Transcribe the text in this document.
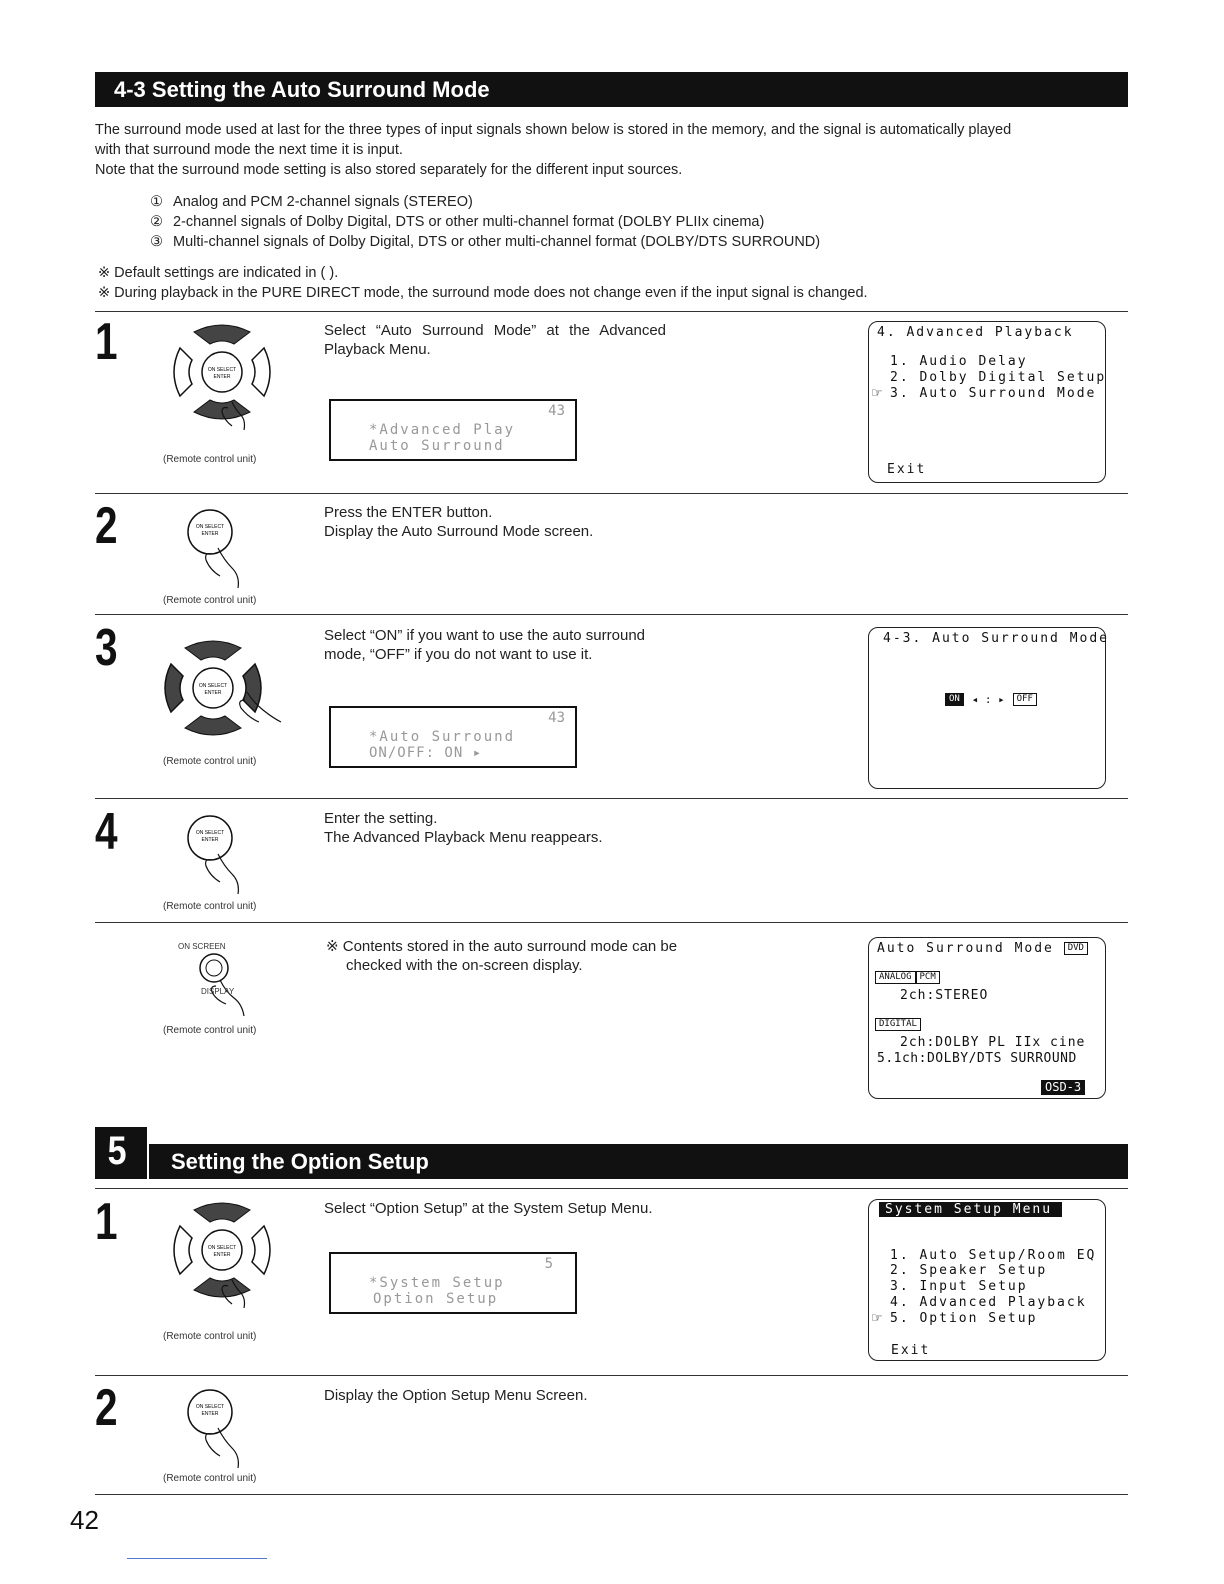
4-3 Setting the Auto Surround Mode
The surround mode used at last for the three types of input signals shown below is stored in the memory, and the signal is automatically played
with that surround mode the next time it is input.
Note that the surround mode setting is also stored separately for the different input sources.
① Analog and PCM 2-channel signals (STEREO)
② 2-channel signals of Dolby Digital, DTS or other multi-channel format (DOLBY PLIIx cinema)
③ Multi-channel signals of Dolby Digital, DTS or other multi-channel format (DOLBY/DTS SURROUND)
※ Default settings are indicated in ( ).
※ During playback in the PURE DIRECT mode, the surround mode does not change even if the input signal is changed.
1	ON SELECT
ENTER
(Remote control unit)
Select “Auto Surround Mode” at the Advanced
Playback Menu.
43
*Advanced Play
Auto Surround
4. Advanced Playback
1. Audio Delay
2. Dolby Digital Setup
☞ 3. Auto Surround Mode
Exit
2	ON SELECT
ENTER
(Remote control unit)
Press the ENTER button.
Display the Auto Surround Mode screen.
3
ON SELECT
ENTER
(Remote control unit)
Select “ON” if you want to use the auto surround
mode, “OFF” if you do not want to use it.
43
*Auto Surround
ON/OFF: ON ▸
4-3. Auto Surround Mode
ON ◂ : ▸ OFF
4	ON SELECT
ENTER
(Remote control unit)
Enter the setting.
The Advanced Playback Menu reappears.
ON SCREEN
DISPLAY
(Remote control unit)
※ Contents stored in the auto surround mode can be
checked with the on-screen display.
Auto Surround Mode DVD
ANALOG PCM
2ch:STEREO
DIGITAL
2ch:DOLBY PL IIx cine
5.1ch:DOLBY/DTS SURROUND
OSD-3
5 Setting the Option Setup
1	ON SELECT
ENTER
(Remote control unit)
Select “Option Setup” at the System Setup Menu.
5
*System Setup
Option Setup
System Setup Menu
1. Auto Setup/Room EQ
2. Speaker Setup
3. Input Setup
4. Advanced Playback
☞ 5. Option Setup
Exit
2	ON SELECT
ENTER
(Remote control unit)
Display the Option Setup Menu Screen.
42
